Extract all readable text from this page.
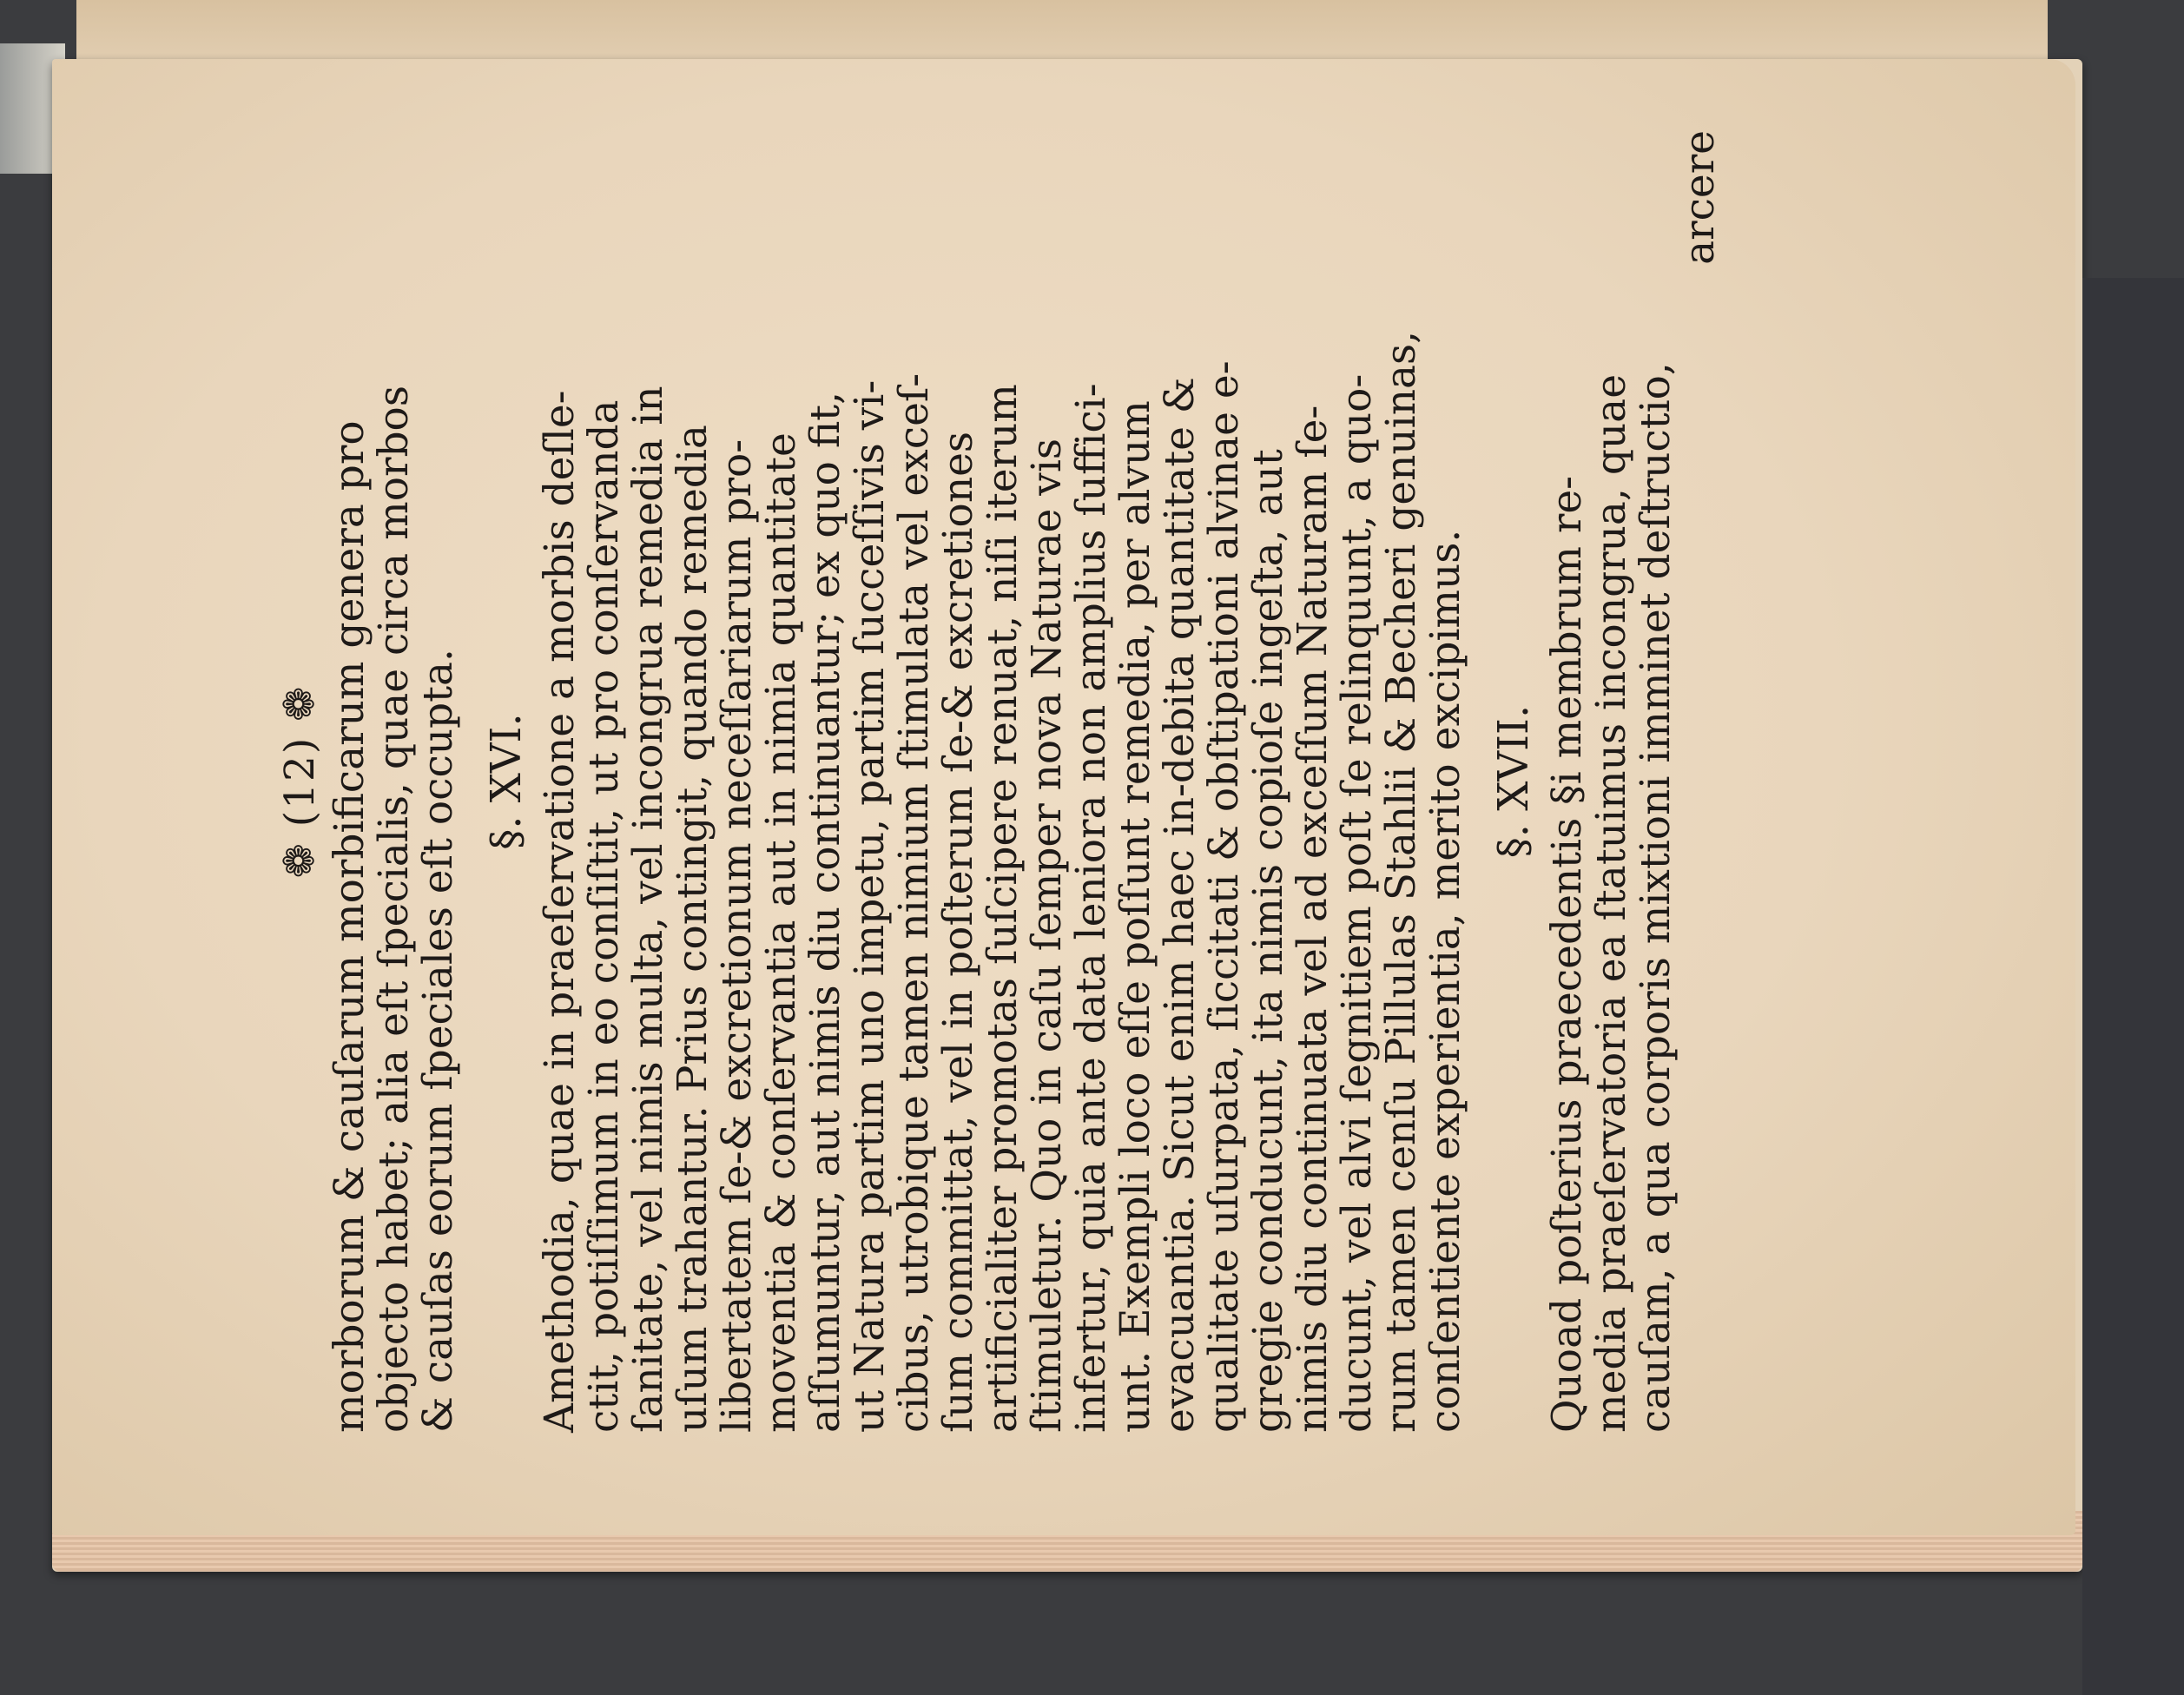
❁ (12) ❁ morborum & cauſarum morbificarum genera pro
objecto habet; alia eſt ſpecialis, quae circa morbos
& cauſas eorum ſpeciales eſt occupta. §. XVI. Amethodia, quae in praeſervatione a morbis deſle-
ctit, potiſſimum in eo conſiſtit, ut pro conſervanda
ſanitate, vel nimis multa, vel incongrua remedia in
uſum trahantur. Prius contingit, quando remedia
libertatem ſe-& excretionum neceſſariarum pro-
moventia & conſervantia aut in nimia quantitate
aſſumuntur, aut nimis diu continuantur; ex quo fit,
ut Natura partim uno impetu, partim ſucceſſivis vi-
cibus, utrobique tamen nimium ſtimulata vel exceſ-
ſum committat, vel in poſterum ſe-& excretiones
artificialiter promotas ſuſcipere renuat, niſi iterum
ſtimuletur. Quo in caſu ſemper nova Naturae vis
infertur, quia ante data leniora non amplius ſuffici-
unt. Exempli loco eſſe poſſunt remedia, per alvum
evacuantia. Sicut enim haec in-debita quantitate &
qualitate uſurpata, ſiccitati & obſtipationi alvinae e-
gregie conducunt, ita nimis copioſe ingeſta, aut
nimis diu continuata vel ad exceſſum Naturam ſe-
ducunt, vel alvi ſegnitiem poſt ſe relinquunt, a quo-
rum tamen cenſu Pillulas Stahlii & Becheri genuinas,
conſentiente experientia, merito excipimus. §. XVII. Quoad poſterius praecedentis §i membrum re-
media praeſervatoria ea ſtatuimus incongrua, quae
cauſam, a qua corporis mixtioni imminet deſtructio,
arcere
